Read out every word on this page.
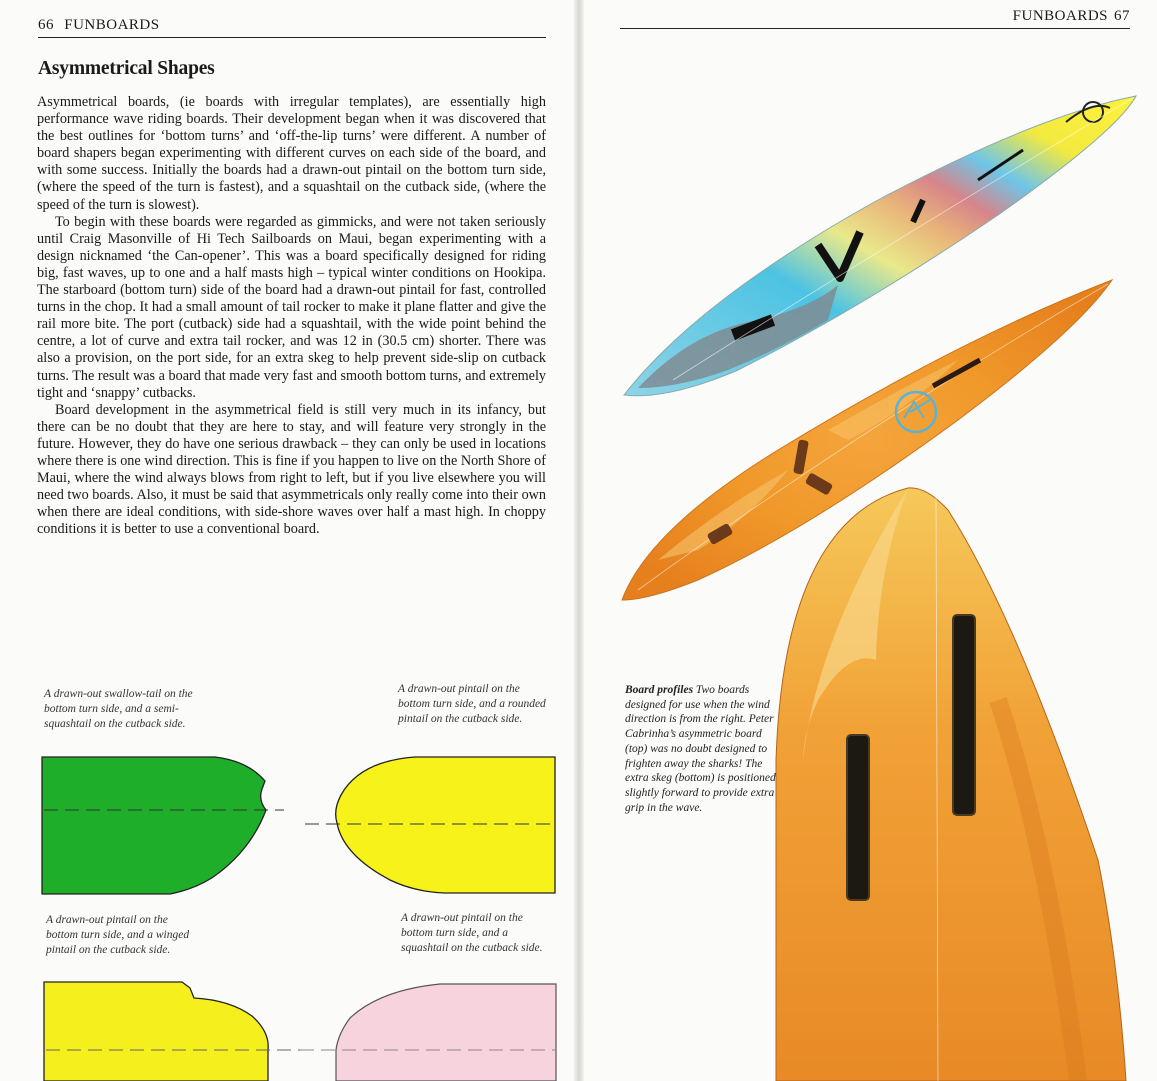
66 FUNBOARDS
Asymmetrical Shapes

Asymmetrical boards, (ie boards with irregular templates), are essentially high performance wave riding boards. Their development began when it was discovered that the best outlines for ‘bottom turns’ and ‘off-the-lip turns’ were different. A number of board shapers began experimenting with different curves on each side of the board, and with some success. Initially the boards had a drawn-out pintail on the bottom turn side, (where the speed of the turn is fastest), and a squashtail on the cutback side, (where the speed of the turn is slowest).

To begin with these boards were regarded as gimmicks, and were not taken seriously until Craig Masonville of Hi Tech Sailboards on Maui, began experimenting with a design nicknamed ‘the Can-opener’. This was a board specifically designed for riding big, fast waves, up to one and a half masts high – typical winter conditions on Hookipa. The starboard (bottom turn) side of the board had a drawn-out pintail for fast, controlled turns in the chop. It had a small amount of tail rocker to make it plane flatter and give the rail more bite. The port (cutback) side had a squashtail, with the wide point behind the centre, a lot of curve and extra tail rocker, and was 12 in (30.5 cm) shorter. There was also a provision, on the port side, for an extra skeg to help prevent side-slip on cutback turns. The result was a board that made very fast and smooth bottom turns, and extremely tight and ‘snappy’ cutbacks.

Board development in the asymmetrical field is still very much in its infancy, but there can be no doubt that they are here to stay, and will feature very strongly in the future. However, they do have one serious drawback – they can only be used in locations where there is one wind direction. This is fine if you happen to live on the North Shore of Maui, where the wind always blows from right to left, but if you live elsewhere you will need two boards. Also, it must be said that asymmetricals only really come into their own when there are ideal conditions, with side-shore waves over half a mast high. In choppy conditions it is better to use a conventional board.

A drawn-out swallow-tail on the bottom turn side, and a semi-squashtail on the cutback side.
A drawn-out pintail on the bottom turn side, and a rounded pintail on the cutback side.
A drawn-out pintail on the bottom turn side, and a winged pintail on the cutback side.
A drawn-out pintail on the bottom turn side, and a squashtail on the cutback side.
FUNBOARDS 67
Board profiles Two boards designed for use when the wind direction is from the right. Peter Cabrinha’s asymmetric board (top) was no doubt designed to frighten away the sharks! The extra skeg (bottom) is positioned slightly forward to provide extra grip in the wave.
